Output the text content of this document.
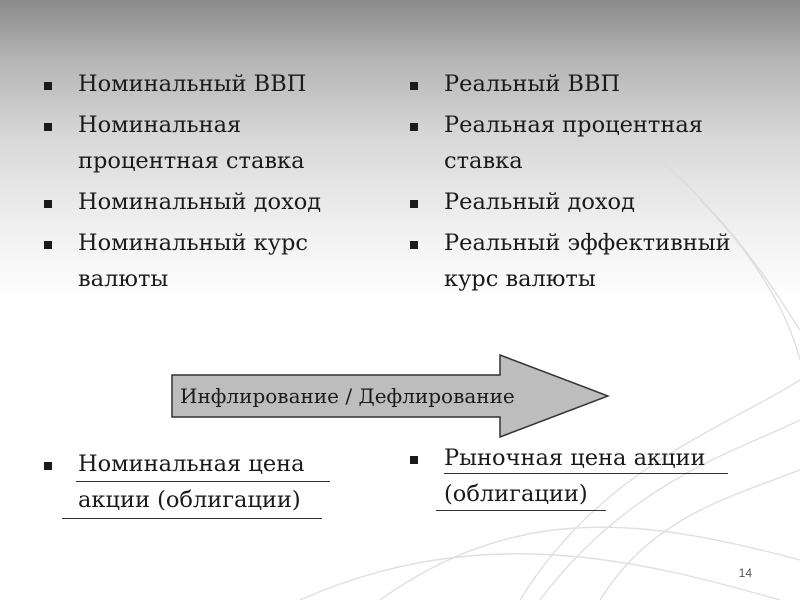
Номинальный ВВП
Номинальная процентная ставка
Номинальный доход
Номинальный курс валюты
Реальный ВВП
Реальная процентная ставка
Реальный доход
Реальный эффективный курс валюты
Инфлирование / Дефлирование
Номинальная цена акции (облигации)
Рыночная цена акции (облигации)
14
